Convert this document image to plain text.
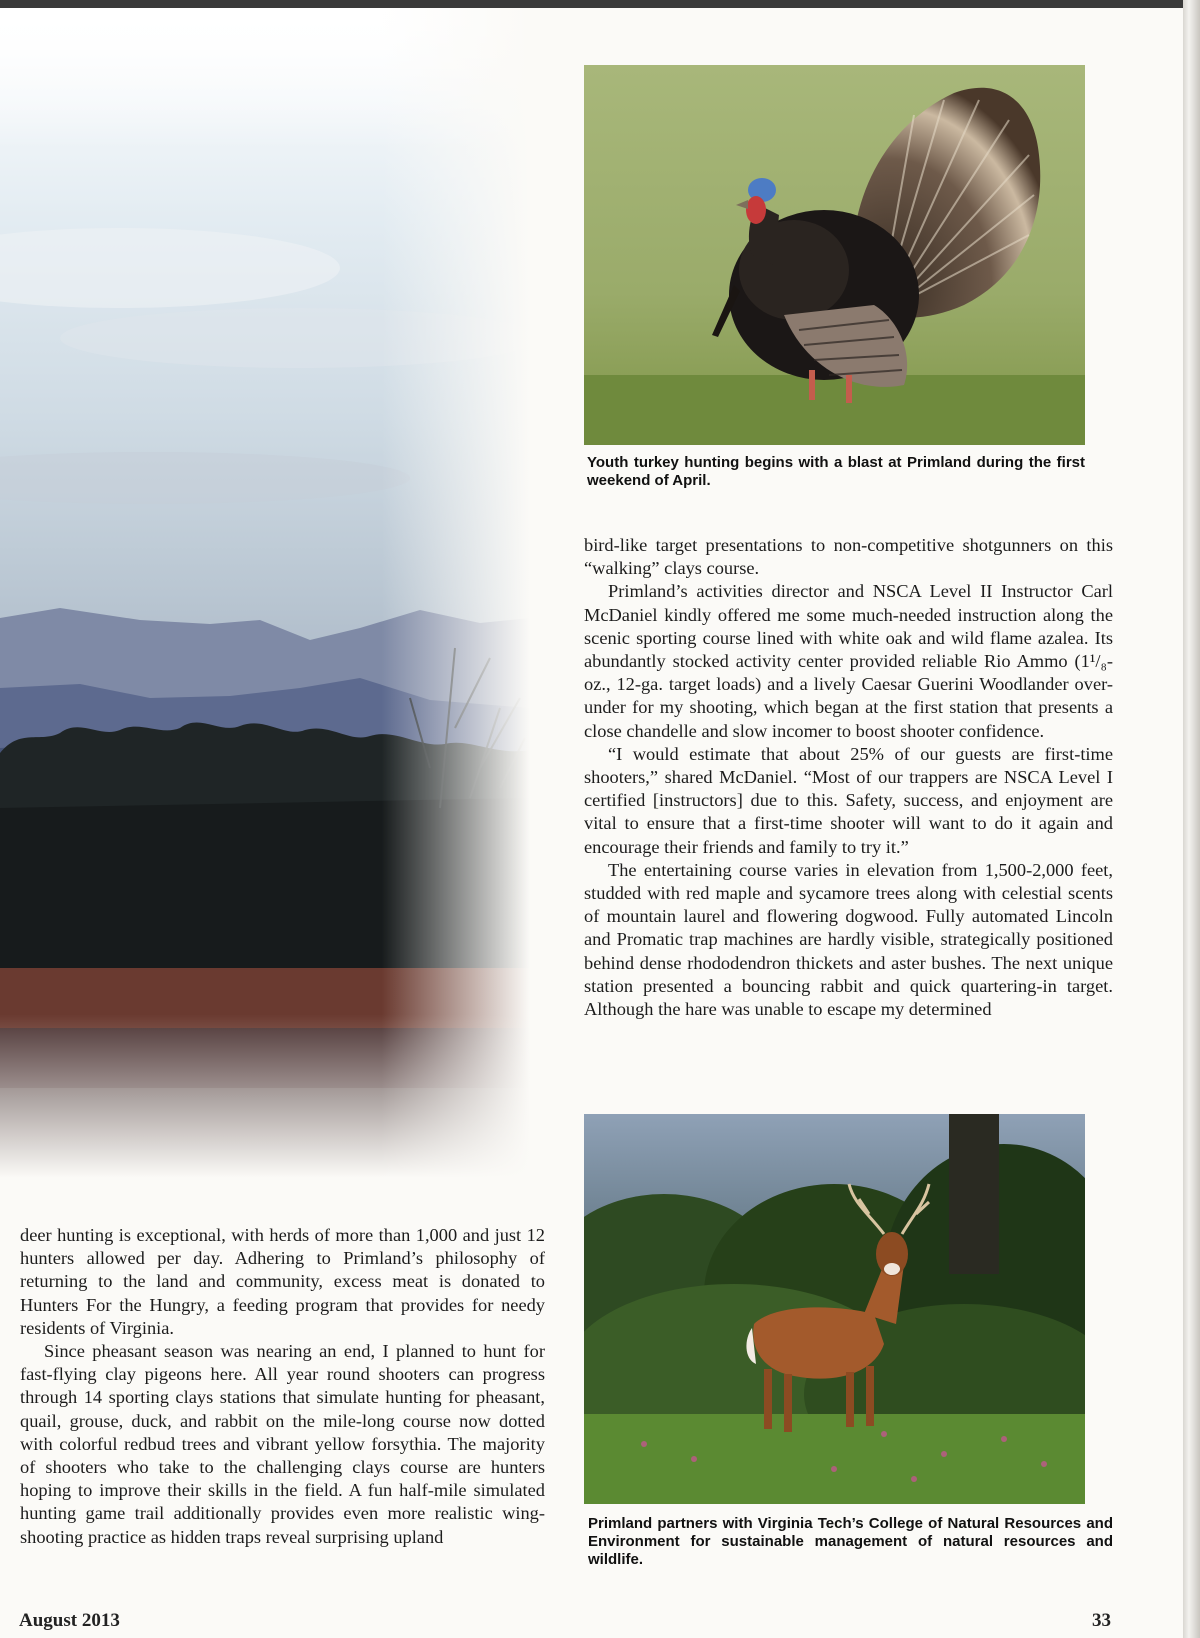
Youth turkey hunting begins with a blast at Primland during the first weekend of April.

bird-like target presentations to non-competitive shotgunners on this “walking” clays course.

Primland’s activities director and NSCA Level II Instructor Carl McDaniel kindly offered me some much-needed instruction along the scenic sporting course lined with white oak and wild flame azalea. Its abundantly stocked activity center provided reliable Rio Ammo (1¹/₈-oz., 12-ga. target loads) and a lively Caesar Guerini Woodlander over-under for my shooting, which began at the first station that presents a close chandelle and slow incomer to boost shooter confidence.

“I would estimate that about 25% of our guests are first-time shooters,” shared McDaniel. “Most of our trappers are NSCA Level I certified [instructors] due to this. Safety, success, and enjoyment are vital to ensure that a first-time shooter will want to do it again and encourage their friends and family to try it.”

The entertaining course varies in elevation from 1,500-2,000 feet, studded with red maple and sycamore trees along with celestial scents of mountain laurel and flowering dogwood. Fully automated Lincoln and Promatic trap machines are hardly visible, strategically positioned behind dense rhododendron thickets and aster bushes. The next unique station presented a bouncing rabbit and quick quartering-in target. Although the hare was unable to escape my determined

Primland partners with Virginia Tech’s College of Natural Resources and Environment for sustainable management of natural resources and wildlife.

deer hunting is exceptional, with herds of more than 1,000 and just 12 hunters allowed per day. Adhering to Primland’s philosophy of returning to the land and community, excess meat is donated to Hunters For the Hungry, a feeding program that provides for needy residents of Virginia.

Since pheasant season was nearing an end, I planned to hunt for fast-flying clay pigeons here. All year round shooters can progress through 14 sporting clays stations that simulate hunting for pheasant, quail, grouse, duck, and rabbit on the mile-long course now dotted with colorful redbud trees and vibrant yellow forsythia. The majority of shooters who take to the challenging clays course are hunters hoping to improve their skills in the field. A fun half-mile simulated hunting game trail additionally provides even more realistic wing-shooting practice as hidden traps reveal surprising upland

August 2013	33
